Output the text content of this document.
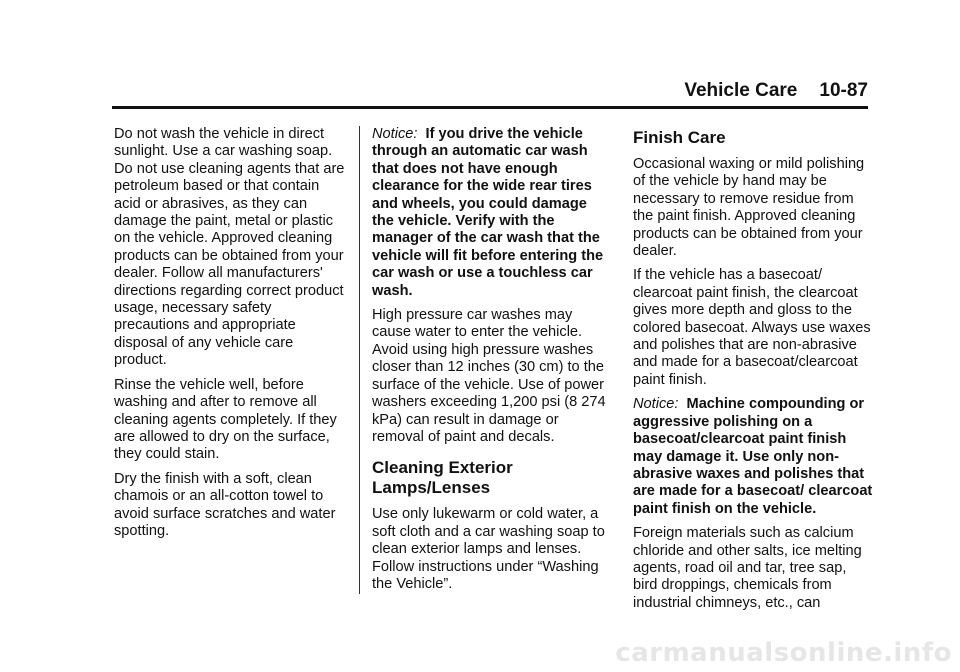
Vehicle Care 10-87

Do not wash the vehicle in direct sunlight. Use a car washing soap. Do not use cleaning agents that are petroleum based or that contain acid or abrasives, as they can damage the paint, metal or plastic on the vehicle. Approved cleaning products can be obtained from your dealer. Follow all manufacturers' directions regarding correct product usage, necessary safety precautions and appropriate disposal of any vehicle care product.

Rinse the vehicle well, before washing and after to remove all cleaning agents completely. If they are allowed to dry on the surface, they could stain.

Dry the finish with a soft, clean chamois or an all-cotton towel to avoid surface scratches and water spotting.

Notice: If you drive the vehicle through an automatic car wash that does not have enough clearance for the wide rear tires and wheels, you could damage the vehicle. Verify with the manager of the car wash that the vehicle will fit before entering the car wash or use a touchless car wash.

High pressure car washes may cause water to enter the vehicle. Avoid using high pressure washes closer than 12 inches (30 cm) to the surface of the vehicle. Use of power washers exceeding 1,200 psi (8 274 kPa) can result in damage or removal of paint and decals.

Cleaning Exterior Lamps/Lenses

Use only lukewarm or cold water, a soft cloth and a car washing soap to clean exterior lamps and lenses. Follow instructions under “Washing the Vehicle”.

Finish Care

Occasional waxing or mild polishing of the vehicle by hand may be necessary to remove residue from the paint finish. Approved cleaning products can be obtained from your dealer.

If the vehicle has a basecoat/ clearcoat paint finish, the clearcoat gives more depth and gloss to the colored basecoat. Always use waxes and polishes that are non-abrasive and made for a basecoat/clearcoat paint finish.

Notice: Machine compounding or aggressive polishing on a basecoat/clearcoat paint finish may damage it. Use only non-abrasive waxes and polishes that are made for a basecoat/ clearcoat paint finish on the vehicle.

Foreign materials such as calcium chloride and other salts, ice melting agents, road oil and tar, tree sap, bird droppings, chemicals from industrial chimneys, etc., can

carmanualsonline.info
